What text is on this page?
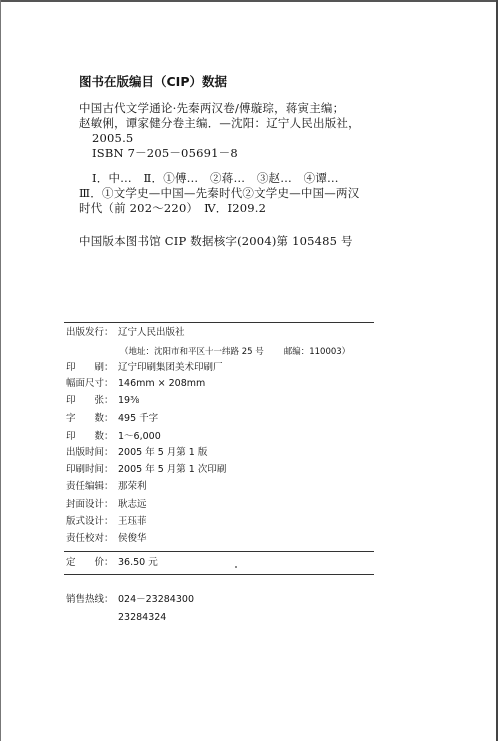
图书在版编目（CIP）数据
中国古代文学通论·先秦两汉卷/傅璇琮，蒋寅主编；
赵敏俐，谭家健分卷主编．—沈阳：辽宁人民出版社，
2005.5
ISBN 7－205－05691－8
Ⅰ．中…　Ⅱ．①傅…　②蒋…　③赵…　④谭…
Ⅲ．①文学史—中国—先秦时代②文学史—中国—两汉
时代（前 202～220）　Ⅳ．I209.2
中国版本图书馆 CIP 数据核字(2004)第 105485 号
出版发行： 辽宁人民出版社
（地址：沈阳市和平区十一纬路 25 号 邮编：110003）
印　　刷： 辽宁印刷集团美术印刷厂
幅面尺寸： 146mm × 208mm
印　　张： 19⅜
字　　数： 495 千字
印　　数： 1～6,000
出版时间： 2005 年 5 月第 1 版
印刷时间： 2005 年 5 月第 1 次印刷
责任编辑： 那荣利
封面设计： 耿志远
版式设计： 王珏菲
责任校对： 侯俊华
定　　价： 36.50 元
销售热线： 024－23284300
23284324
